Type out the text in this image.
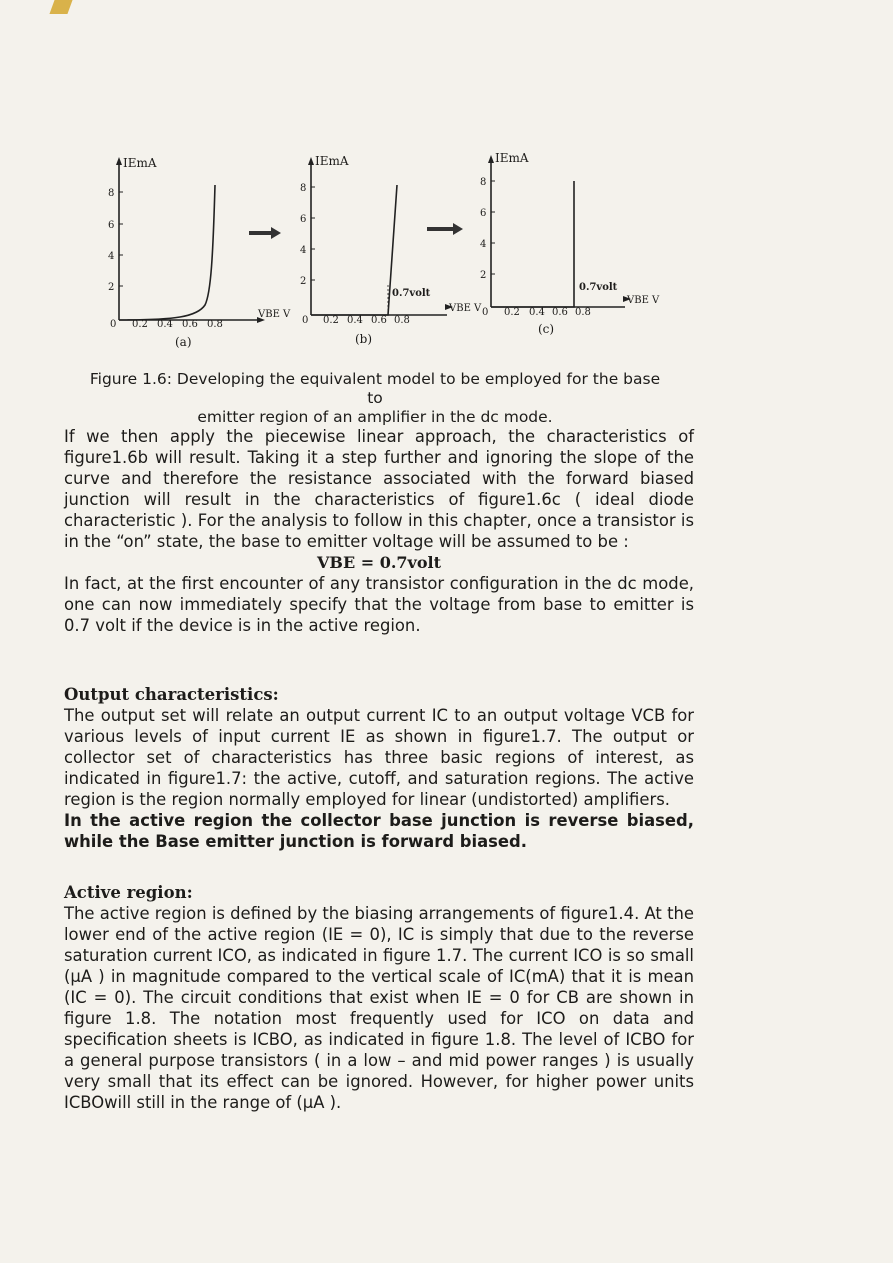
IEmA
8
6
4
2
0 0.2 0.4 0.6 0.8
VBE V
(a)
IEmA
8
6
4
2
0.7volt
0 0.2 0.4 0.6 0.8
VBE V
(b)
IEmA
8
6
4
2
0.7volt
0 0.2 0.4 0.6 0.8
VBE V
(c)
Figure 1.6: Developing the equivalent model to be employed for the base to
emitter region of an amplifier in the dc mode.

If we then apply the piecewise linear approach, the characteristics of figure1.6b will result. Taking it a step further and ignoring the slope of the curve and therefore the resistance associated with the forward biased junction will result in the characteristics of figure1.6c ( ideal diode characteristic ). For the analysis to follow in this chapter, once a transistor is in the “on” state, the base to emitter voltage will be assumed to be :

VBE = 0.7volt

In fact, at the first encounter of any transistor configuration in the dc mode, one can now immediately specify that the voltage from base to emitter is 0.7 volt if the device is in the active region.

Output characteristics:

The output set will relate an output current IC to an output voltage VCB for various levels of input current IE as shown in figure1.7. The output or collector set of characteristics has three basic regions of interest, as indicated in figure1.7: the active, cutoff, and saturation regions. The active region is the region normally employed for linear (undistorted) amplifiers.

In the active region the collector base junction is reverse biased, while the Base emitter junction is forward biased.

Active region:

The active region is defined by the biasing arrangements of figure1.4. At the lower end of the active region (IE = 0), IC is simply that due to the reverse saturation current ICO, as indicated in figure 1.7. The current ICO is so small (μA ) in magnitude compared to the vertical scale of IC(mA) that it is mean (IC = 0). The circuit conditions that exist when IE = 0 for CB are shown in figure 1.8. The notation most frequently used for ICO on data and specification sheets is ICBO, as indicated in figure 1.8. The level of ICBO for a general purpose transistors ( in a low – and mid power ranges ) is usually very small that its effect can be ignored. However, for higher power units ICBOwill still in the range of (μA ).
